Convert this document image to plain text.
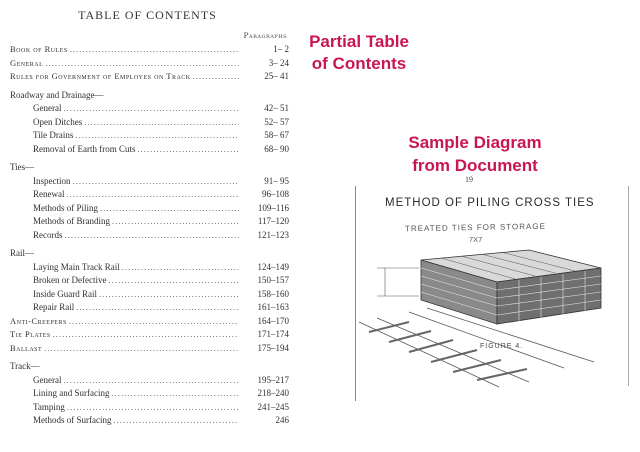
TABLE OF CONTENTS
Paragraphs
Book of Rules .....	1– 2
General .....	3– 24
Rules for Government of Employes on Track .....	25– 41
Roadway and Drainage—
General .....	42– 51
Open Ditches .....	52– 57
Tile Drains .....	58– 67
Removal of Earth from Cuts .....	68– 90
Ties—
Inspection .....	91– 95
Renewal .....	96–108
Methods of Piling .....	109–116
Methods of Branding .....	117–120
Records .....	121–123
Rail—
Laying Main Track Rail .....	124–149
Broken or Defective .....	150–157
Inside Guard Rail .....	158–160
Repair Rail .....	161–163
Anti-Creepers .....	164–170
Tie Plates .....	171–174
Ballast .....	175–194
Track—
General .....	195–217
Lining and Surfacing .....	218–240
Tamping .....	241–245
Methods of Surfacing .....	246
Partial Table
of Contents
Sample Diagram
from Document
19
METHOD OF PILING CROSS TIES
TREATED TIES FOR STORAGE
7X7
FIGURE 4.
